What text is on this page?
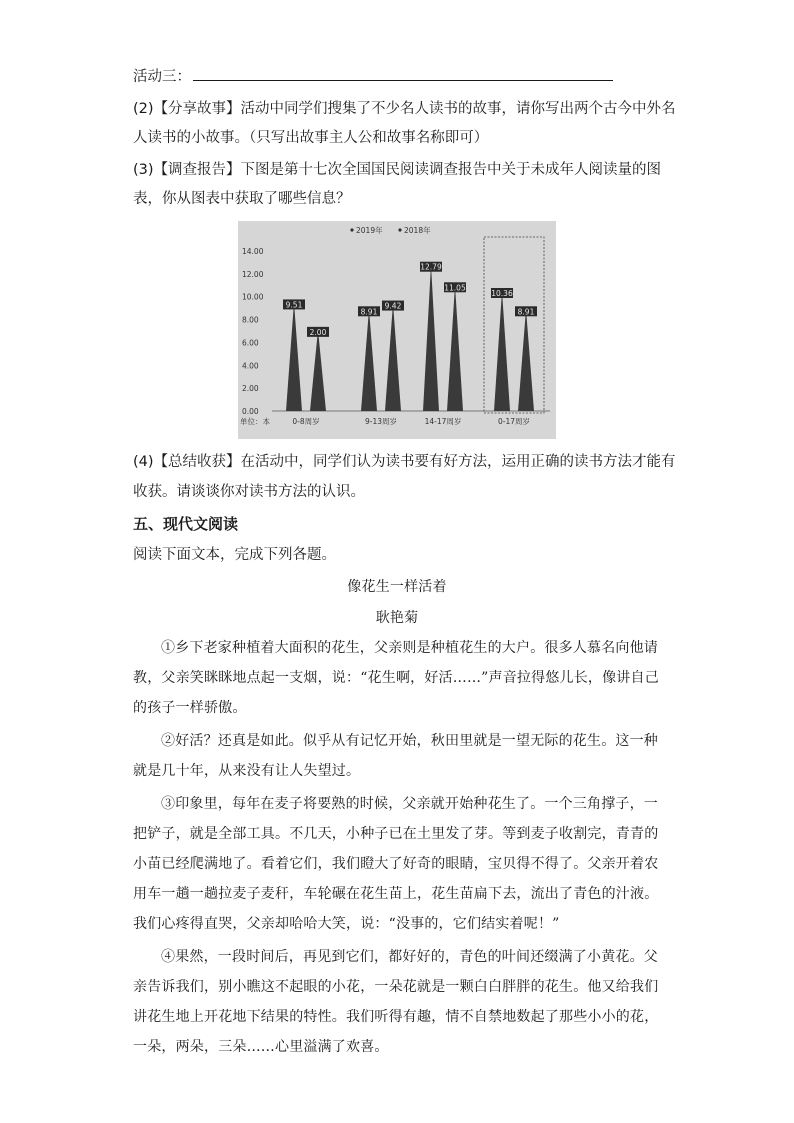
活动三：
(2)【分享故事】活动中同学们搜集了不少名人读书的故事，请你写出两个古今中外名
人读书的小故事。（只写出故事主人公和故事名称即可）
(3)【调查报告】下图是第十七次全国国民阅读调查报告中关于未成年人阅读量的图
表，你从图表中获取了哪些信息？
2019年	2018年
14.00
12.00
10.00
8.00
6.00
4.00
2.00
0.00
9.51
2.00
0-8周岁
8.91
9.42
9-13周岁
12.79
11.05
14-17周岁
10.36
8.91
0-17周岁
单位：本
(4)【总结收获】在活动中，同学们认为读书要有好方法，运用正确的读书方法才能有
收获。请谈谈你对读书方法的认识。
五、现代文阅读
阅读下面文本，完成下列各题。
像花生一样活着
耿艳菊
①乡下老家种植着大面积的花生，父亲则是种植花生的大户。很多人慕名向他请
教，父亲笑眯眯地点起一支烟，说：“花生啊，好活……”声音拉得悠儿长，像讲自己
的孩子一样骄傲。
②好活？还真是如此。似乎从有记忆开始，秋田里就是一望无际的花生。这一种
就是几十年，从来没有让人失望过。
③印象里，每年在麦子将要熟的时候，父亲就开始种花生了。一个三角撑子，一
把铲子，就是全部工具。不几天，小种子已在土里发了芽。等到麦子收割完，青青的
小苗已经爬满地了。看着它们，我们瞪大了好奇的眼睛，宝贝得不得了。父亲开着农
用车一趟一趟拉麦子麦秆，车轮碾在花生苗上，花生苗扁下去，流出了青色的汁液。
我们心疼得直哭，父亲却哈哈大笑，说：“没事的，它们结实着呢！”
④果然，一段时间后，再见到它们，都好好的，青色的叶间还缀满了小黄花。父
亲告诉我们，别小瞧这不起眼的小花，一朵花就是一颗白白胖胖的花生。他又给我们
讲花生地上开花地下结果的特性。我们听得有趣，情不自禁地数起了那些小小的花，
一朵，两朵，三朵……心里溢满了欢喜。
